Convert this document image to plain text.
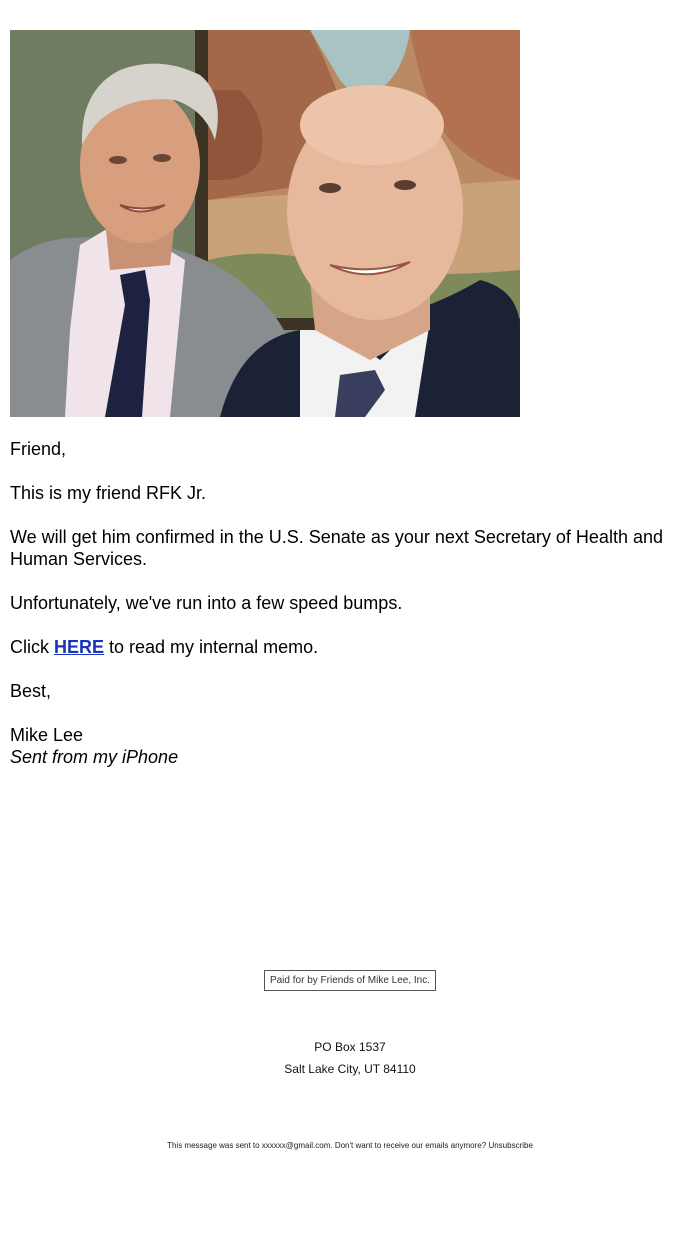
Friend,

This is my friend RFK Jr.

We will get him confirmed in the U.S. Senate as your next Secretary of Health and Human Services.

Unfortunately, we've run into a few speed bumps.

Click HERE to read my internal memo.

Best,

Mike Lee
Sent from my iPhone

Paid for by Friends of Mike Lee, Inc.
PO Box 1537
Salt Lake City, UT 84110
This message was sent to xxxxxx@gmail.com. Don't want to receive our emails anymore? Unsubscribe
